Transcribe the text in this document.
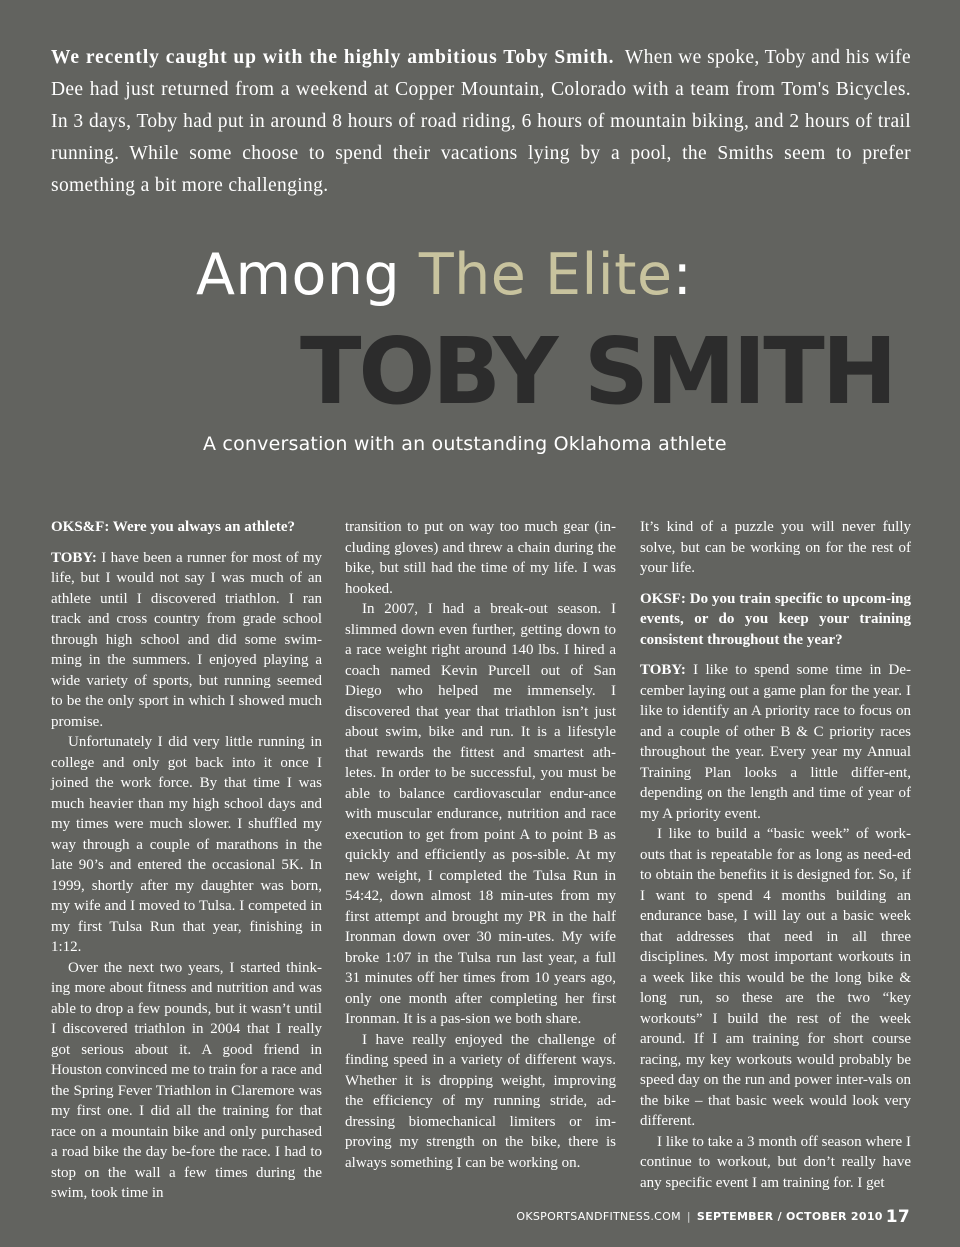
We recently caught up with the highly ambitious Toby Smith. When we spoke, Toby and his wife Dee had just returned from a weekend at Copper Mountain, Colorado with a team from Tom's Bicycles. In 3 days, Toby had put in around 8 hours of road riding, 6 hours of mountain biking, and 2 hours of trail running. While some choose to spend their vacations lying by a pool, the Smiths seem to prefer something a bit more challenging.
Among The Elite:
TOBY SMITH
A conversation with an outstanding Oklahoma athlete

OKS&F: Were you always an athlete?

TOBY: I have been a runner for most of my life, but I would not say I was much of an athlete until I discovered triathlon. I ran track and cross country from grade school through high school and did some swim-ming in the summers. I enjoyed playing a wide variety of sports, but running seemed to be the only sport in which I showed much promise.

Unfortunately I did very little running in college and only got back into it once I joined the work force. By that time I was much heavier than my high school days and my times were much slower. I shuffled my way through a couple of marathons in the late 90’s and entered the occasional 5K. In 1999, shortly after my daughter was born, my wife and I moved to Tulsa. I competed in my first Tulsa Run that year, finishing in 1:12.

Over the next two years, I started think-ing more about fitness and nutrition and was able to drop a few pounds, but it wasn’t until I discovered triathlon in 2004 that I really got serious about it. A good friend in Houston convinced me to train for a race and the Spring Fever Triathlon in Claremore was my first one. I did all the training for that race on a mountain bike and only purchased a road bike the day be-fore the race. I had to stop on the wall a few times during the swim, took time in

transition to put on way too much gear (in-cluding gloves) and threw a chain during the bike, but still had the time of my life. I was hooked.

In 2007, I had a break-out season. I slimmed down even further, getting down to a race weight right around 140 lbs. I hired a coach named Kevin Purcell out of San Diego who helped me immensely. I discovered that year that triathlon isn’t just about swim, bike and run. It is a lifestyle that rewards the fittest and smartest ath-letes. In order to be successful, you must be able to balance cardiovascular endur-ance with muscular endurance, nutrition and race execution to get from point A to point B as quickly and efficiently as pos-sible. At my new weight, I completed the Tulsa Run in 54:42, down almost 18 min-utes from my first attempt and brought my PR in the half Ironman down over 30 min-utes. My wife broke 1:07 in the Tulsa run last year, a full 31 minutes off her times from 10 years ago, only one month after completing her first Ironman. It is a pas-sion we both share.

I have really enjoyed the challenge of finding speed in a variety of different ways. Whether it is dropping weight, improving the efficiency of my running stride, ad-dressing biomechanical limiters or im-proving my strength on the bike, there is always something I can be working on.

It’s kind of a puzzle you will never fully solve, but can be working on for the rest of your life.

OKSF: Do you train specific to upcom-ing events, or do you keep your training consistent throughout the year?

TOBY: I like to spend some time in De-cember laying out a game plan for the year. I like to identify an A priority race to focus on and a couple of other B & C priority races throughout the year. Every year my Annual Training Plan looks a little differ-ent, depending on the length and time of year of my A priority event.

I like to build a “basic week” of work-outs that is repeatable for as long as need-ed to obtain the benefits it is designed for. So, if I want to spend 4 months building an endurance base, I will lay out a basic week that addresses that need in all three disciplines. My most important workouts in a week like this would be the long bike & long run, so these are the two “key workouts” I build the rest of the week around. If I am training for short course racing, my key workouts would probably be speed day on the run and power inter-vals on the bike – that basic week would look very different.

I like to take a 3 month off season where I continue to workout, but don’t really have any specific event I am training for. I get

OKSPORTSANDFITNESS.COM | SEPTEMBER / OCTOBER 2010 17
